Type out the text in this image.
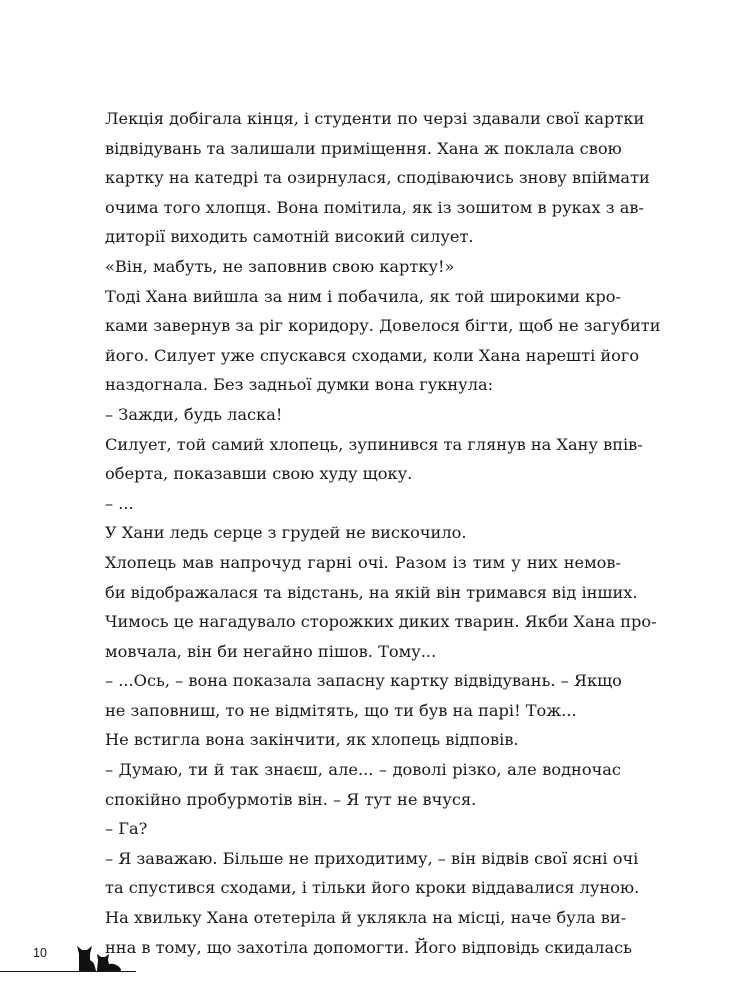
Лекція добігала кінця, і студенти по черзі здавали свої картки
відвідувань та залишали приміщення. Хана ж поклала свою
картку на катедрі та озирнулася, сподіваючись знову впіймати
очима того хлопця. Вона помітила, як із зошитом в руках з ав-
диторії виходить самотній високий силует.
«Він, мабуть, не заповнив свою картку!»
Тоді Хана вийшла за ним і побачила, як той широкими кро-
ками завернув за ріг коридору. Довелося бігти, щоб не загубити
його. Силует уже спускався сходами, коли Хана нарешті його
наздогнала. Без задньої думки вона гукнула:
– Зажди, будь ласка!
Силует, той самий хлопець, зупинився та глянув на Хану впів-
оберта, показавши свою худу щоку.
– ...
У Хани ледь серце з грудей не вискочило.
Хлопець мав напрочуд гарні очі. Разом із тим у них немов-
би відображалася та відстань, на якій він тримався від інших.
Чимось це нагадувало сторожких диких тварин. Якби Хана про-
мовчала, він би негайно пішов. Тому...
– ...Ось, – вона показала запасну картку відвідувань. – Якщо
не заповниш, то не відмітять, що ти був на парі! Тож...
Не встигла вона закінчити, як хлопець відповів.
– Думаю, ти й так знаєш, але... – доволі різко, але водночас
спокійно пробурмотів він. – Я тут не вчуся.
– Га?
– Я заважаю. Більше не приходитиму, – він відвів свої ясні очі
та спустився сходами, і тільки його кроки віддавалися луною.
На хвильку Хана отетеріла й уклякла на місці, наче була ви-
нна в тому, що захотіла допомогти. Його відповідь скидалась
10
